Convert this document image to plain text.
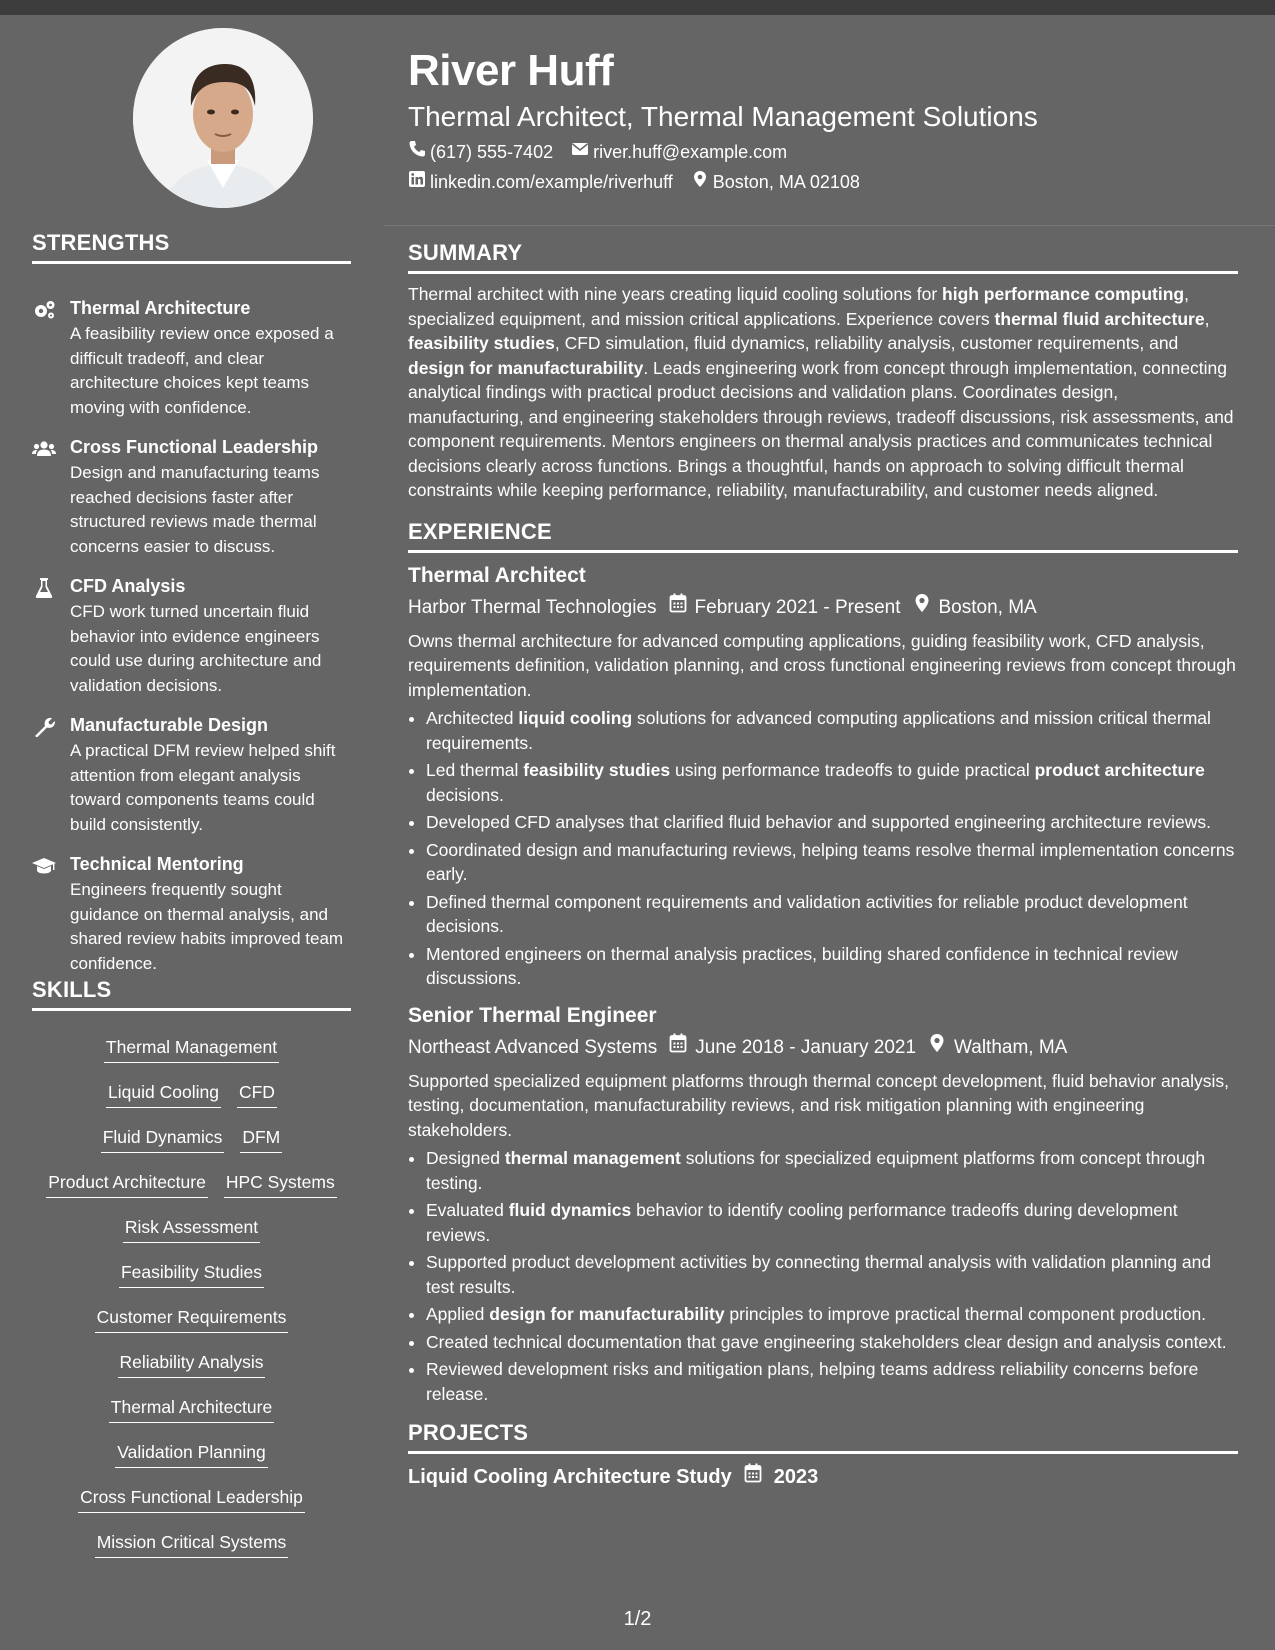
STRENGTHS
Thermal Architecture
A feasibility review once exposed a difficult tradeoff, and clear architecture choices kept teams moving with confidence.
Cross Functional Leadership
Design and manufacturing teams reached decisions faster after structured reviews made thermal concerns easier to discuss.
CFD Analysis
CFD work turned uncertain fluid behavior into evidence engineers could use during architecture and validation decisions.
Manufacturable Design
A practical DFM review helped shift attention from elegant analysis toward components teams could build consistently.
Technical Mentoring
Engineers frequently sought guidance on thermal analysis, and shared review habits improved team confidence.
SKILLS
Thermal Management
Liquid Cooling CFD
Fluid Dynamics DFM
Product Architecture HPC Systems
Risk Assessment
Feasibility Studies
Customer Requirements
Reliability Analysis
Thermal Architecture
Validation Planning
Cross Functional Leadership
Mission Critical Systems
River Huff
Thermal Architect, Thermal Management Solutions
(617) 555-7402 river.huff@example.com
linkedin.com/example/riverhuff Boston, MA 02108
SUMMARY
Thermal architect with nine years creating liquid cooling solutions for high performance computing, specialized equipment, and mission critical applications. Experience covers thermal fluid architecture, feasibility studies, CFD simulation, fluid dynamics, reliability analysis, customer requirements, and design for manufacturability. Leads engineering work from concept through implementation, connecting analytical findings with practical product decisions and validation plans. Coordinates design, manufacturing, and engineering stakeholders through reviews, tradeoff discussions, risk assessments, and component requirements. Mentors engineers on thermal analysis practices and communicates technical decisions clearly across functions. Brings a thoughtful, hands on approach to solving difficult thermal constraints while keeping performance, reliability, manufacturability, and customer needs aligned.
EXPERIENCE
Thermal Architect
Harbor Thermal Technologies February 2021 - Present Boston, MA
Owns thermal architecture for advanced computing applications, guiding feasibility work, CFD analysis, requirements definition, validation planning, and cross functional engineering reviews from concept through implementation.
• Architected liquid cooling solutions for advanced computing applications and mission critical thermal requirements.
• Led thermal feasibility studies using performance tradeoffs to guide practical product architecture decisions.
• Developed CFD analyses that clarified fluid behavior and supported engineering architecture reviews.
• Coordinated design and manufacturing reviews, helping teams resolve thermal implementation concerns early.
• Defined thermal component requirements and validation activities for reliable product development decisions.
• Mentored engineers on thermal analysis practices, building shared confidence in technical review discussions.
Senior Thermal Engineer
Northeast Advanced Systems June 2018 - January 2021 Waltham, MA
Supported specialized equipment platforms through thermal concept development, fluid behavior analysis, testing, documentation, manufacturability reviews, and risk mitigation planning with engineering stakeholders.
• Designed thermal management solutions for specialized equipment platforms from concept through testing.
• Evaluated fluid dynamics behavior to identify cooling performance tradeoffs during development reviews.
• Supported product development activities by connecting thermal analysis with validation planning and test results.
• Applied design for manufacturability principles to improve practical thermal component production.
• Created technical documentation that gave engineering stakeholders clear design and analysis context.
• Reviewed development risks and mitigation plans, helping teams address reliability concerns before release.
PROJECTS
Liquid Cooling Architecture Study 2023
1/2
